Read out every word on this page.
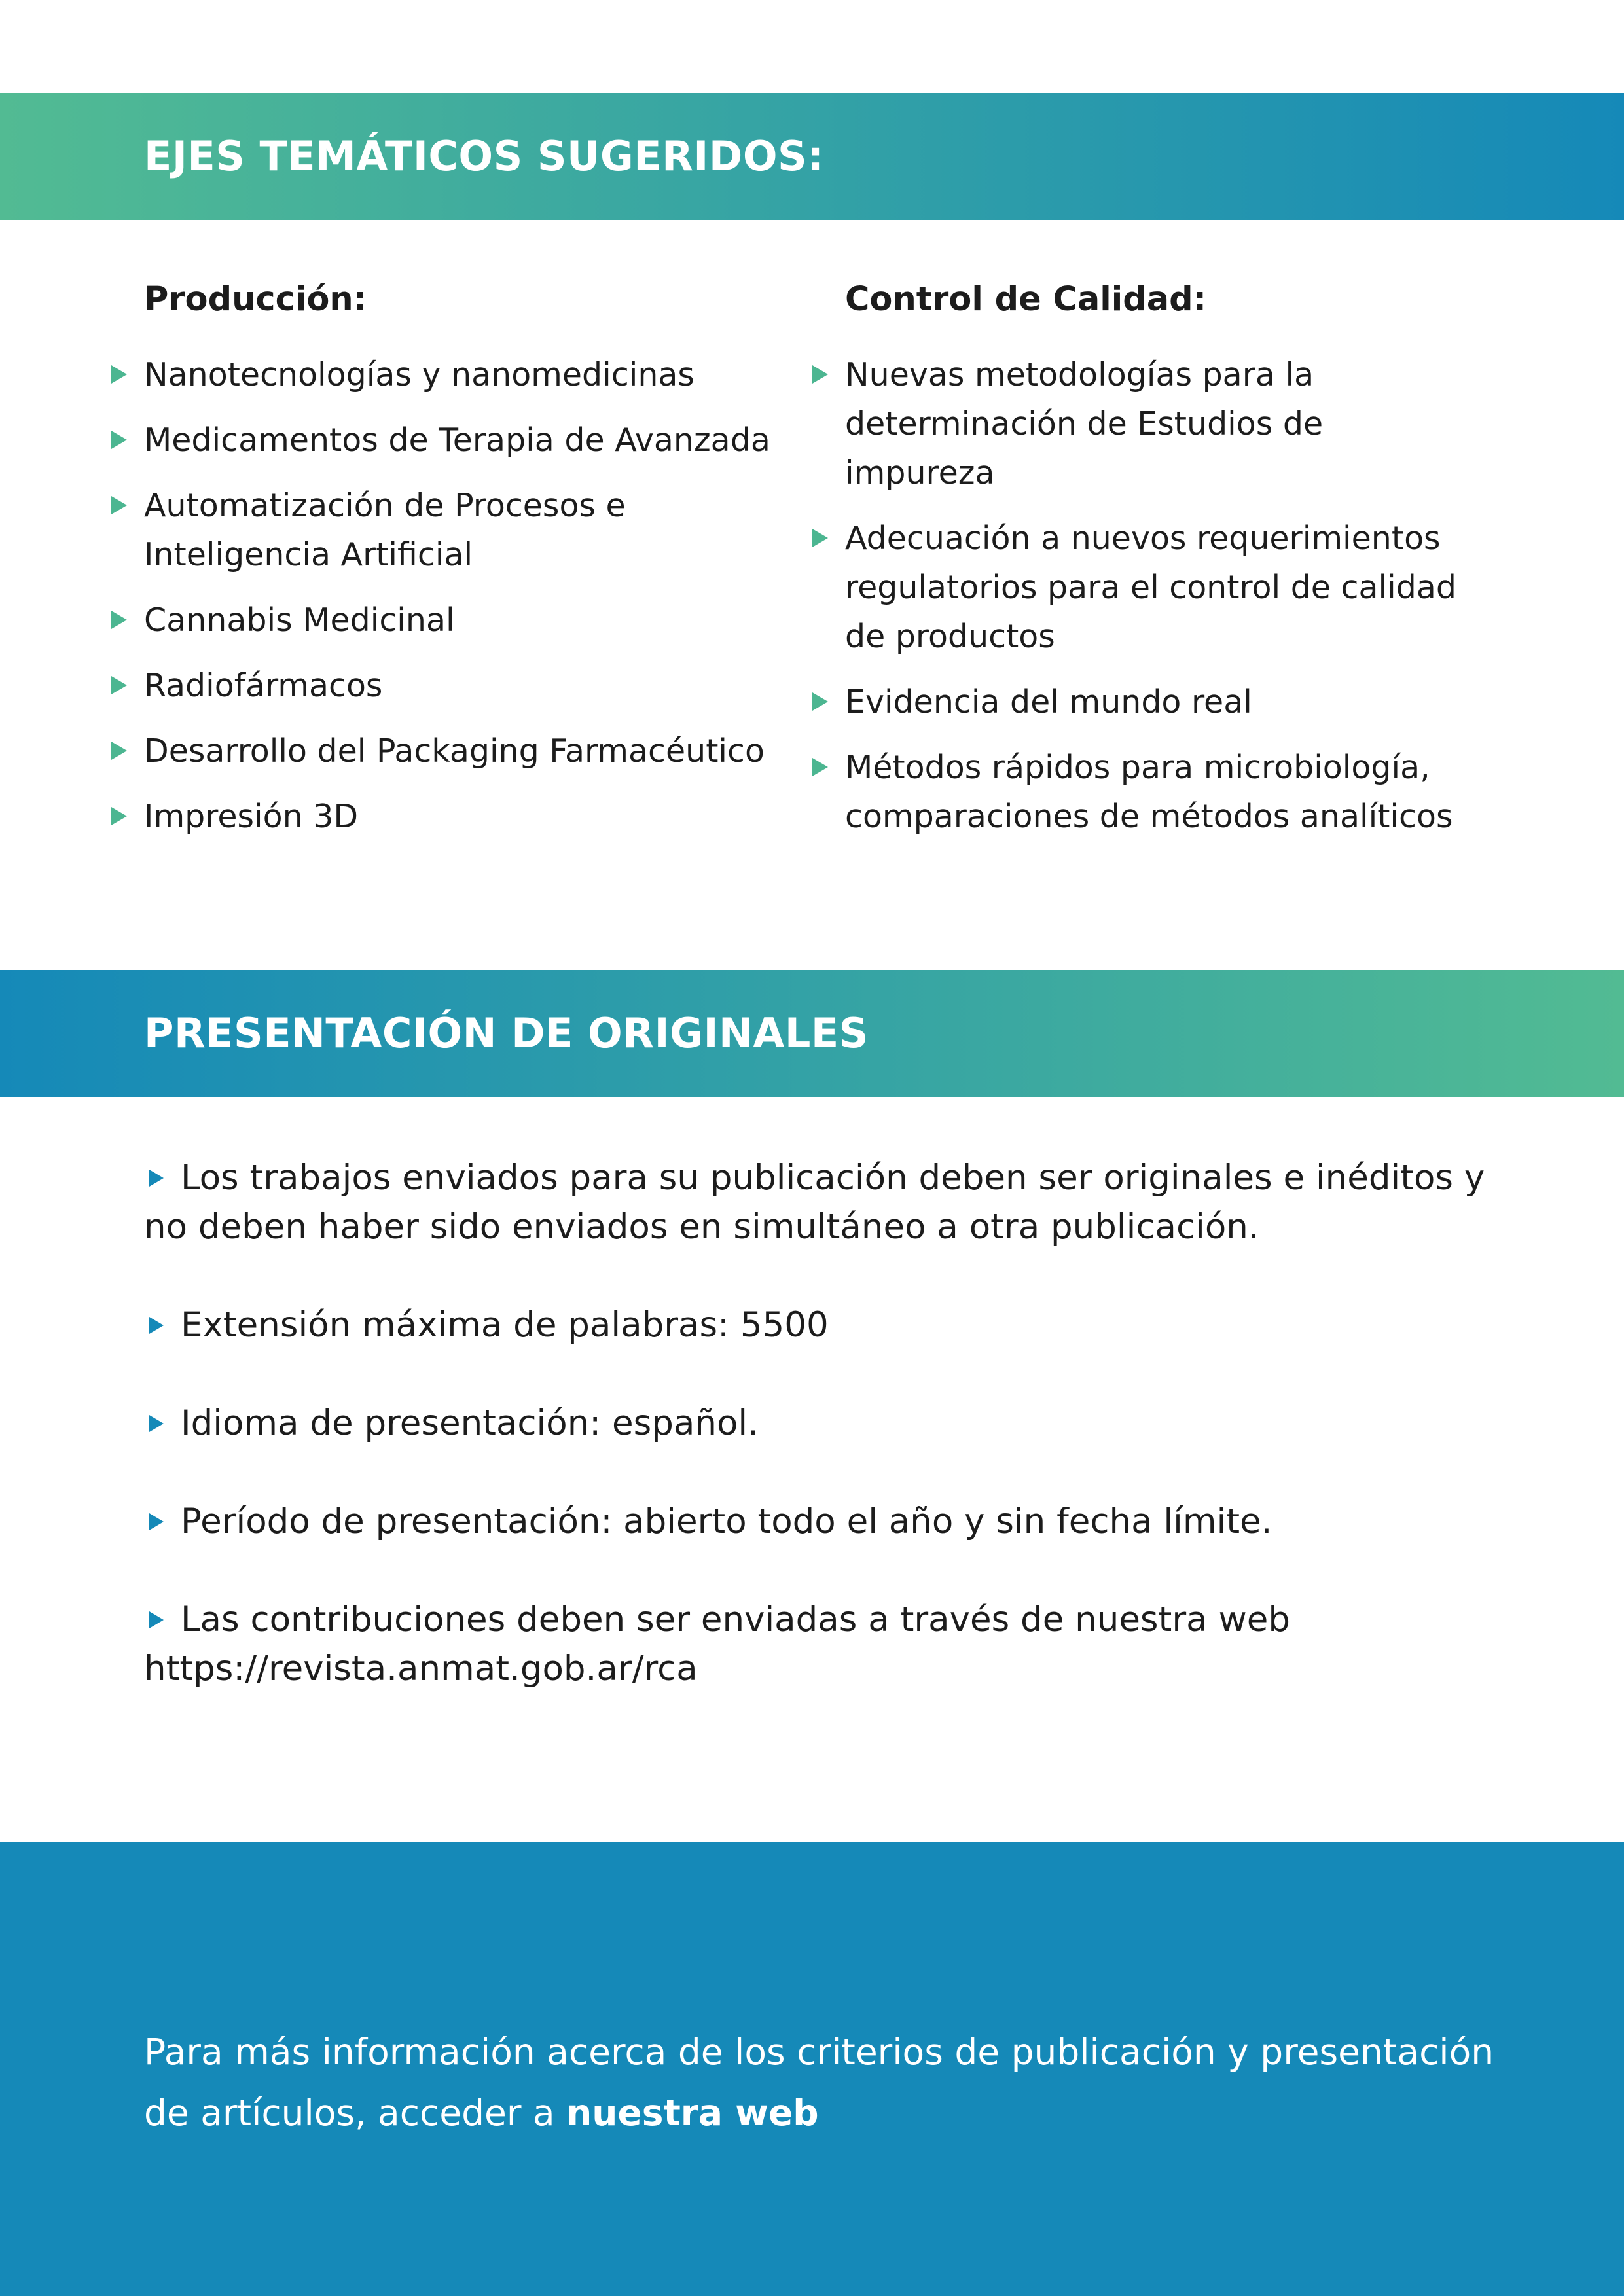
EJES TEMÁTICOS SUGERIDOS:
Producción:
Nanotecnologías y nanomedicinas
Medicamentos de Terapia de Avanzada
Automatización de Procesos e Inteligencia Artificial
Cannabis Medicinal
Radiofármacos
Desarrollo del Packaging Farmacéutico
Impresión 3D
Control de Calidad:
Nuevas metodologías para la determinación de Estudios de impureza
Adecuación a nuevos requerimientos regulatorios para el control de calidad de productos
Evidencia del mundo real
Métodos rápidos para microbiología, comparaciones de métodos analíticos
PRESENTACIÓN DE ORIGINALES
Los trabajos enviados para su publicación deben ser originales e inéditos y no deben haber sido enviados en simultáneo a otra publicación.
Extensión máxima de palabras: 5500
Idioma de presentación: español.
Período de presentación: abierto todo el año y sin fecha límite.
Las contribuciones deben ser enviadas a través de nuestra web https://revista.anmat.gob.ar/rca

Para más información acerca de los criterios de publicación y presentación de artículos, acceder a nuestra web
